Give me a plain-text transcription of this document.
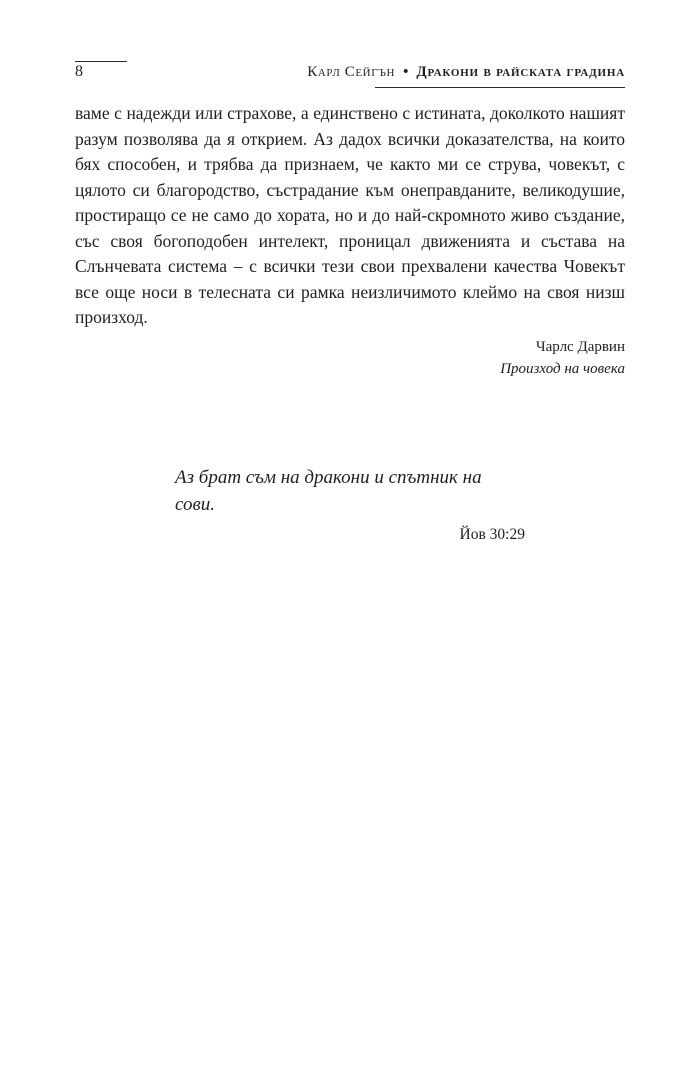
8	Карл Сейгън • Дракони в райската градина

ваме с надежди или страхове, а единствено с истината, доколкото нашият разум позволява да я открием. Аз дадох всички доказателства, на които бях способен, и трябва да признаем, че както ми се струва, човекът, с цялото си благородство, състрадание към онеправданите, великодушие, простиращо се не само до хората, но и до най-скромното живо създание, със своя богоподобен интелект, проницал движенията и състава на Слънчевата система – с всички тези свои прехвалени качества Човекът все още носи в телесната си рамка неизличимото клеймо на своя низш произход.

Чарлс Дарвин
Произход на човека

Аз брат съм на дракони и спътник на сови.

Йов 30:29
